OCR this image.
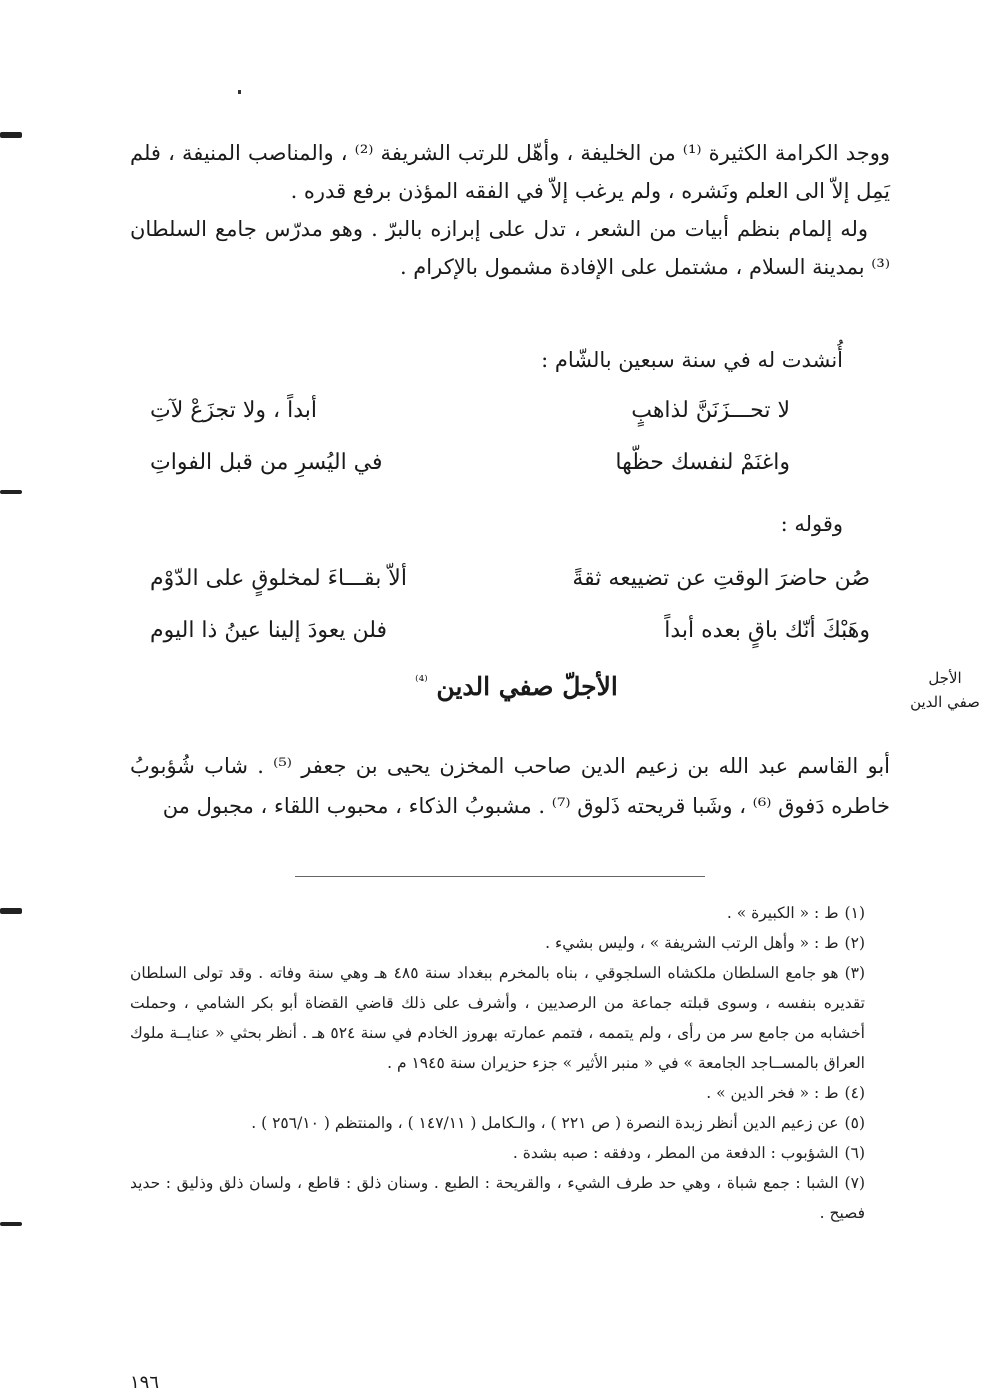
ووجد الكرامة الكثيرة ⁽¹⁾ من الخليفة ، وأهّل للرتب الشريفة ⁽²⁾ ، والمناصب المنيفة ، فلم يَمِل إلاّ الى العلم ونَشره ، ولم يرغب إلاّ في الفقه المؤذن برفع قدره .

وله إلمام بنظم أبيات من الشعر ، تدل على إبرازه بالبرّ . وهو مدرّس جامع السلطان ⁽³⁾ بمدينة السلام ، مشتمل على الإفادة مشمول بالإكرام .

أُنشدت له في سنة سبعين بالشّام :
لا تحـــزَنَنَّ لذاهبٍ
أبداً ، ولا تجزَعْ لآتِ
واغنَمْ لنفسك حظّها
في اليُسرِ من قبل الفواتِ
وقوله :
صُن حاضرَ الوقتِ عن تضييعه ثقةً
ألاّ بقـــاءَ لمخلوقٍ على الدّوْم
وهَبْكَ أنّك باقٍ بعده أبداً
فلن يعودَ إلينا عينُ ذا اليوم
الأجلّ صفي الدين $^{^{(4)}}$	الأجل
صفي الدين

أبو القاسم عبد الله بن زعيم الدين صاحب المخزن يحيى بن جعفر ⁽⁵⁾ . شاب شُؤبوبُ خاطره دَفوق ⁽⁶⁾ ، وشَبا قريحته ذَلوق ⁽⁷⁾ . مشبوبُ الذكاء ، محبوب اللقاء ، مجبول من

(١)ط : « الكبيرة » .

(٢)ط : « وأهل الرتب الشريفة » ، وليس بشيء .

(٣)هو جامع السلطان ملكشاه السلجوقي ، بناه بالمخرم ببغداد سنة ٤٨٥ هـ وهي سنة وفاته . وقد تولى السلطان تقديره بنفسه ، وسوى قبلته جماعة من الرصديين ، وأشرف على ذلك قاضي القضاة أبو بكر الشامي ، وحملت أخشابه من جامع سر من رأى ، ولم يتممه ، فتمم عمارته بهروز الخادم في سنة ٥٢٤ هـ . أنظر بحثي « عنايــة ملوك العراق بالمســاجد الجامعة » في « منبر الأثير » جزء حزيران سنة ١٩٤٥ م .

(٤)ط : « فخر الدين » .

(٥)عن زعيم الدين أنظر زبدة النصرة ( ص ٢٢١ ) ، والـكامل ( ١٤٧/١١ ) ، والمنتظم ( ٢٥٦/١٠ ) .

(٦)الشؤبوب : الدفعة من المطر ، ودفقه : صبه بشدة .

(٧)الشبا : جمع شباة ، وهي حد طرف الشيء ، والقريحة : الطبع . وسنان ذلق : قاطع ، ولسان ذلق وذليق : حديد فصيح .

١٩٦
